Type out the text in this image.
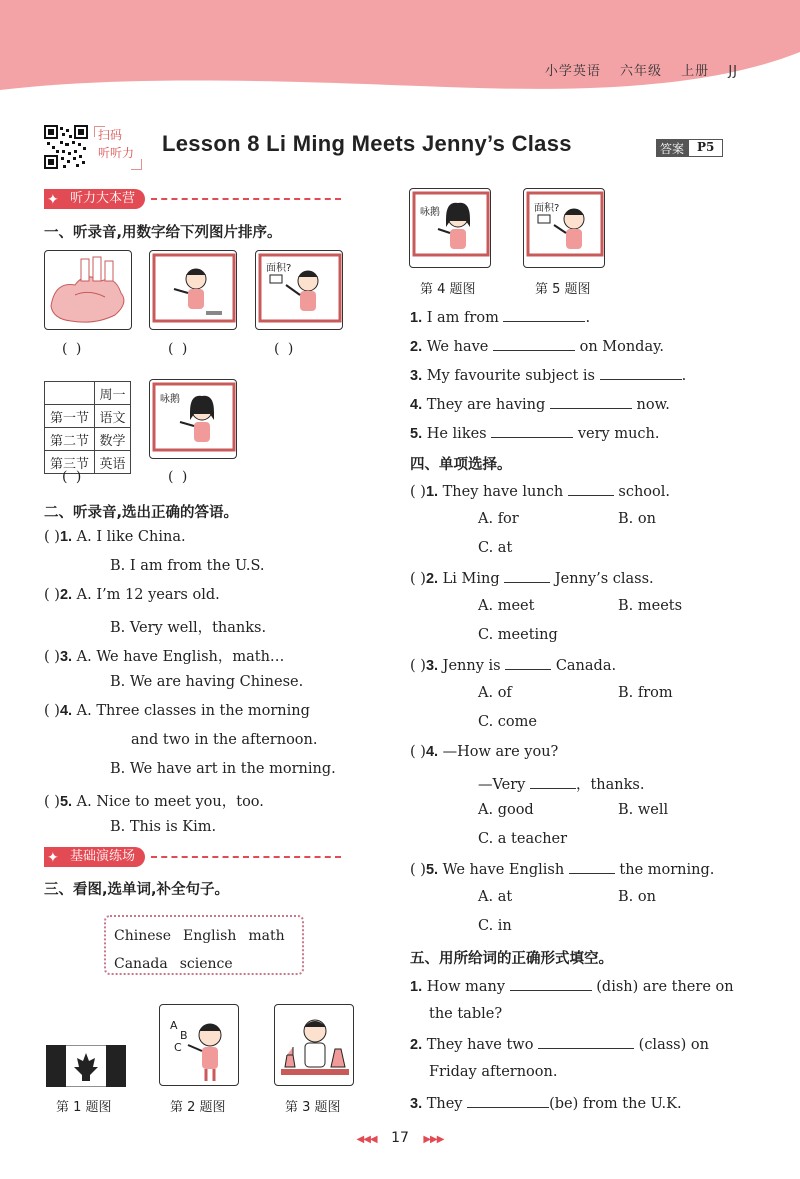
小学英语 六年级 上册 JJ
扫码
听听力	Lesson 8 Li Ming Meets Jenny’s Class	答案	P5
✦ 听力大本营
一、听录音,用数字给下列图片排序。
面积?
( )	( )	( )
	周一
第一节	语文
第二节	数学
第三节	英语
咏鹅
( )	( )
二、听录音,选出正确的答语。
( )1. A. I like China.
B. I am from the U.S.
( )2. A. I’m 12 years old.
B. Very well，thanks.
( )3. A. We have English，math…
B. We are having Chinese.
( )4. A. Three classes in the morning
and two in the afternoon.
B. We have art in the morning.
( )5. A. Nice to meet you，too.
B. This is Kim.
✦ 基础演练场
三、看图,选单词,补全句子。
Chinese English math
Canada science
A
B
C
第 1 题图	第 2 题图	第 3 题图
咏鹅	面积?
第 4 题图	第 5 题图
1. I am from	.
2. We have	on Monday.
3. My favourite subject is	.
4. They are having	now.
5. He likes	very much.
四、单项选择。
( )1. They have lunch	school.
A. for	B. on
C. at
( )2. Li Ming	Jenny’s class.
A. meet	B. meets
C. meeting
( )3. Jenny is	Canada.
A. of	B. from
C. come
( )4. —How are you?
—Very	，thanks.
A. good	B. well
C. a teacher
( )5. We have English	the morning.
A. at	B. on
C. in
五、用所给词的正确形式填空。
1. How many	(dish) are there on
the table?
2. They have two	(class) on
Friday afternoon.
3. They	(be) from the U.K.
◀◀◀ 17 ▶▶▶
